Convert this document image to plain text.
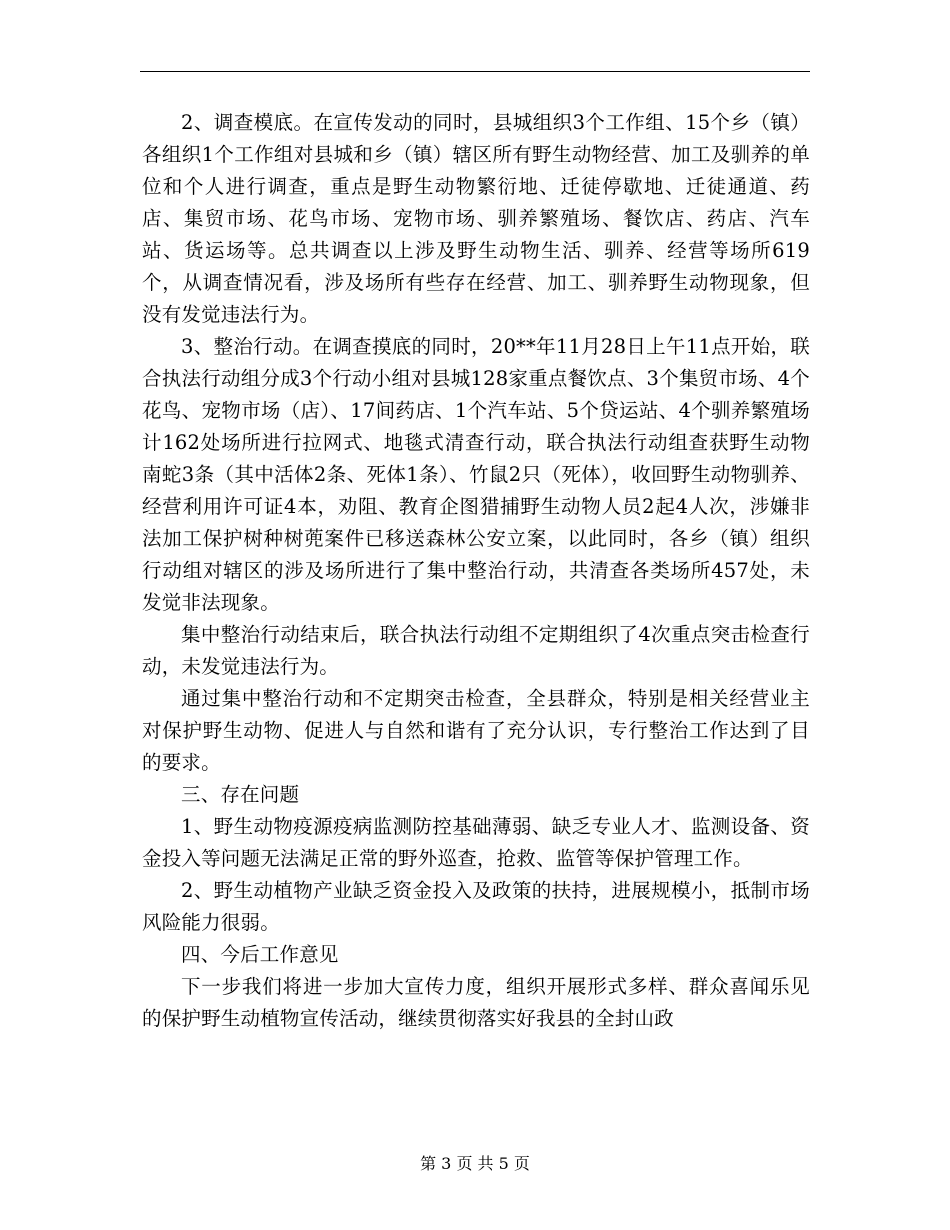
2、调查模底。在宣传发动的同时，县城组织3个工作组、15个乡（镇）各组织1个工作组对县城和乡（镇）辖区所有野生动物经营、加工及驯养的单位和个人进行调查，重点是野生动物繁衍地、迁徒停歇地、迁徒通道、药店、集贸市场、花鸟市场、宠物市场、驯养繁殖场、餐饮店、药店、汽车站、货运场等。总共调查以上涉及野生动物生活、驯养、经营等场所619个，从调查情况看，涉及场所有些存在经营、加工、驯养野生动物现象，但没有发觉违法行为。

3、整治行动。在调查摸底的同时，20**年11月28日上午11点开始，联合执法行动组分成3个行动小组对县城128家重点餐饮点、3个集贸市场、4个花鸟、宠物市场（店）、17间药店、1个汽车站、5个贷运站、4个驯养繁殖场计162处场所进行拉网式、地毯式清查行动，联合执法行动组查获野生动物南蛇3条（其中活体2条、死体1条）、竹鼠2只（死体），收回野生动物驯养、经营利用许可证4本，劝阻、教育企图猎捕野生动物人员2起4人次，涉嫌非法加工保护树种树蔸案件已移送森林公安立案，以此同时，各乡（镇）组织行动组对辖区的涉及场所进行了集中整治行动，共清查各类场所457处，未发觉非法现象。

集中整治行动结束后，联合执法行动组不定期组织了4次重点突击检查行动，未发觉违法行为。

通过集中整治行动和不定期突击检查，全县群众，特别是相关经营业主对保护野生动物、促进人与自然和谐有了充分认识，专行整治工作达到了目的要求。

三、存在问题

1、野生动物疫源疫病监测防控基础薄弱、缺乏专业人才、监测设备、资金投入等问题无法满足正常的野外巡查，抢救、监管等保护管理工作。

2、野生动植物产业缺乏资金投入及政策的扶持，进展规模小，抵制市场风险能力很弱。

四、今后工作意见

下一步我们将进一步加大宣传力度，组织开展形式多样、群众喜闻乐见的保护野生动植物宣传活动，继续贯彻落实好我县的全封山政

第 3 页 共 5 页
